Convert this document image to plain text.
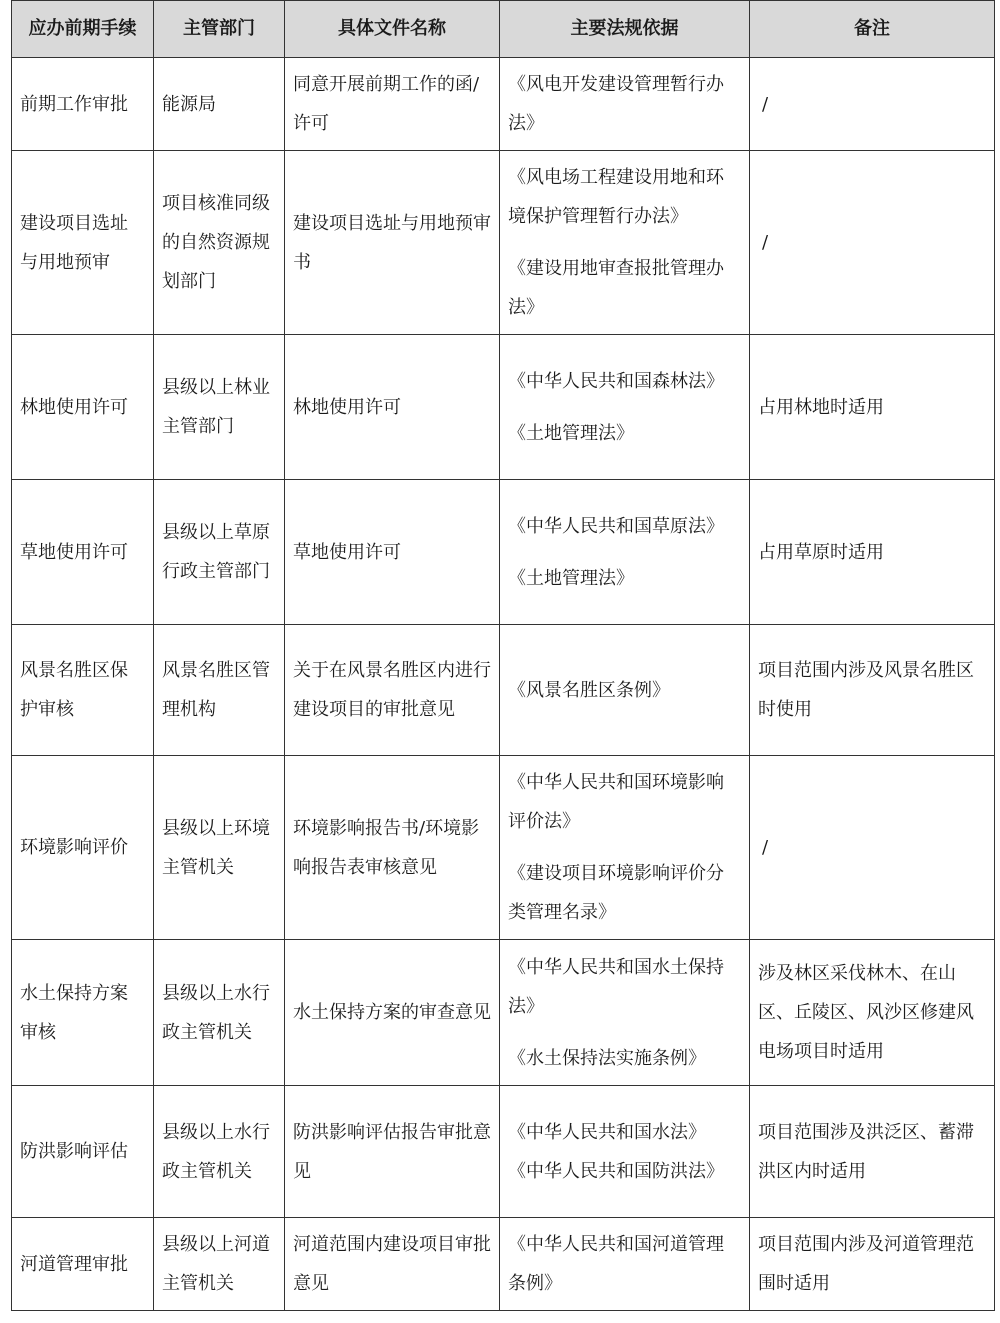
应办前期手续	主管部门	具体文件名称	主要法规依据	备注

前期工作审批	能源局	同意开展前期工作的函/许可	《风电开发建设管理暂行办法》	/

建设项目选址与用地预审	项目核准同级的自然资源规划部门	建设项目选址与用地预审书	《风电场工程建设用地和环境保护管理暂行办法》
《建设用地审查报批管理办法》	/

林地使用许可	县级以上林业主管部门	林地使用许可	《中华人民共和国森林法》
《土地管理法》	占用林地时适用

草地使用许可	县级以上草原行政主管部门	草地使用许可	《中华人民共和国草原法》
《土地管理法》	占用草原时适用

风景名胜区保护审核	风景名胜区管理机构	关于在风景名胜区内进行建设项目的审批意见	《风景名胜区条例》	项目范围内涉及风景名胜区时使用

环境影响评价	县级以上环境主管机关	环境影响报告书/环境影响报告表审核意见	《中华人民共和国环境影响评价法》
《建设项目环境影响评价分类管理名录》	/

水土保持方案审核	县级以上水行政主管机关	水土保持方案的审查意见	《中华人民共和国水土保持法》
《水土保持法实施条例》	涉及林区采伐林木、在山区、丘陵区、风沙区修建风电场项目时适用

防洪影响评估	县级以上水行政主管机关	防洪影响评估报告审批意见	《中华人民共和国水法》
《中华人民共和国防洪法》	项目范围涉及洪泛区、蓄滞洪区内时适用

河道管理审批	县级以上河道主管机关	河道范围内建设项目审批意见	《中华人民共和国河道管理条例》	项目范围内涉及河道管理范围时适用
